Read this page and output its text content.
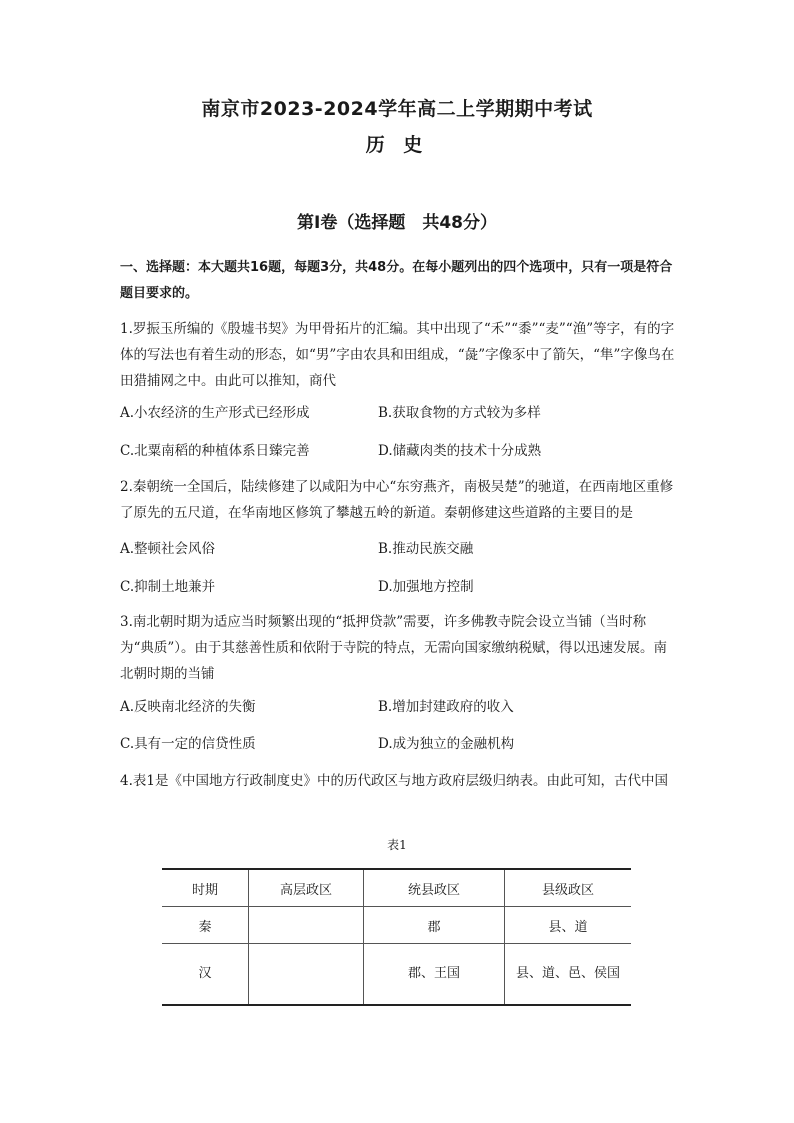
南京市2023-2024学年高二上学期期中考试
历 史
第Ⅰ卷（选择题　共48分）
一、选择题：本大题共16题，每题3分，共48分。在每小题列出的四个选项中，只有一项是符合题目要求的。
1.罗振玉所编的《殷墟书契》为甲骨拓片的汇编。其中出现了“禾”“黍”“麦”“渔”等字，有的字体的写法也有着生动的形态，如“男”字由农具和田组成，“彘”字像豕中了箭矢，“隼”字像鸟在田猎捕网之中。由此可以推知，商代
A.小农经济的生产形式已经形成	B.获取食物的方式较为多样
C.北粟南稻的种植体系日臻完善	D.储藏肉类的技术十分成熟
2.秦朝统一全国后，陆续修建了以咸阳为中心“东穷燕齐，南极吴楚”的驰道，在西南地区重修了原先的五尺道，在华南地区修筑了攀越五岭的新道。秦朝修建这些道路的主要目的是
A.整顿社会风俗	B.推动民族交融
C.抑制土地兼并	D.加强地方控制
3.南北朝时期为适应当时频繁出现的“抵押贷款”需要，许多佛教寺院会设立当铺（当时称为“典质”）。由于其慈善性质和依附于寺院的特点，无需向国家缴纳税赋，得以迅速发展。南北朝时期的当铺
A.反映南北经济的失衡	B.增加封建政府的收入
C.具有一定的信贷性质	D.成为独立的金融机构
4.表1是《中国地方行政制度史》中的历代政区与地方政府层级归纳表。由此可知，古代中国
表1
时期	高层政区	统县政区	县级政区
秦		郡	县、道
汉		郡、王国	县、道、邑、侯国
